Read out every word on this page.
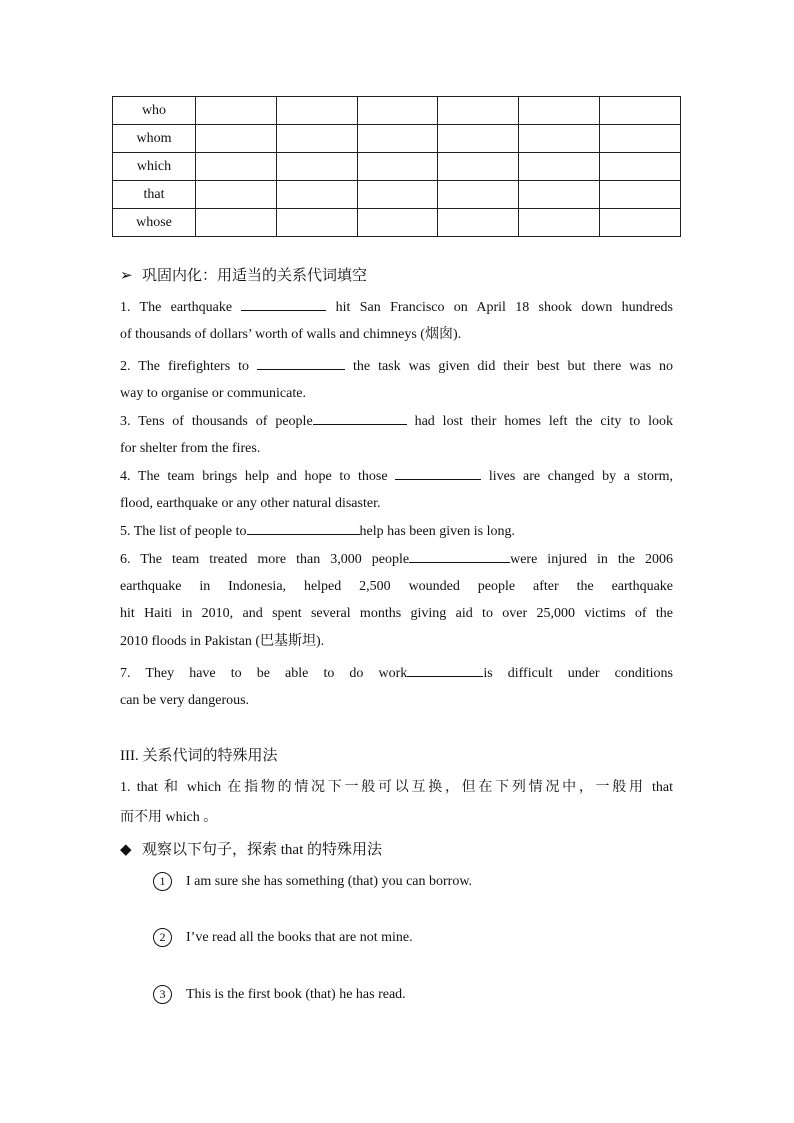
who						
whom						
which						
that						
whose						
➢ 巩固内化：用适当的关系代词填空
1. The earthquake	hit San Francisco on April 18 shook down hundreds
of thousands of dollars’ worth of walls and chimneys (烟囱).
2. The firefighters to	the task was given did their best but there was no
way to organise or communicate.
3. Tens of thousands of people	had lost their homes left the city to look
for shelter from the fires.
4. The team brings help and hope to those	lives are changed by a storm,
flood, earthquake or any other natural disaster.
5. The list of people to	help has been given is long.
6. The team treated more than 3,000 people	were injured in the 2006
earthquake in Indonesia, helped 2,500 wounded people after the earthquake
hit Haiti in 2010, and spent several months giving aid to over 25,000 victims of the
2010 floods in Pakistan (巴基斯坦).
7. They have to be able to do work	is difficult under conditions
can be very dangerous.
III. 关系代词的特殊用法
1. that 和 which 在指物的情况下一般可以互换，但在下列情况中，一般用 that
而不用 which 。
◆ 观察以下句子，探索 that 的特殊用法
1 I am sure she has something (that) you can borrow.
2 I’ve read all the books that are not mine.
3 This is the first book (that) he has read.
